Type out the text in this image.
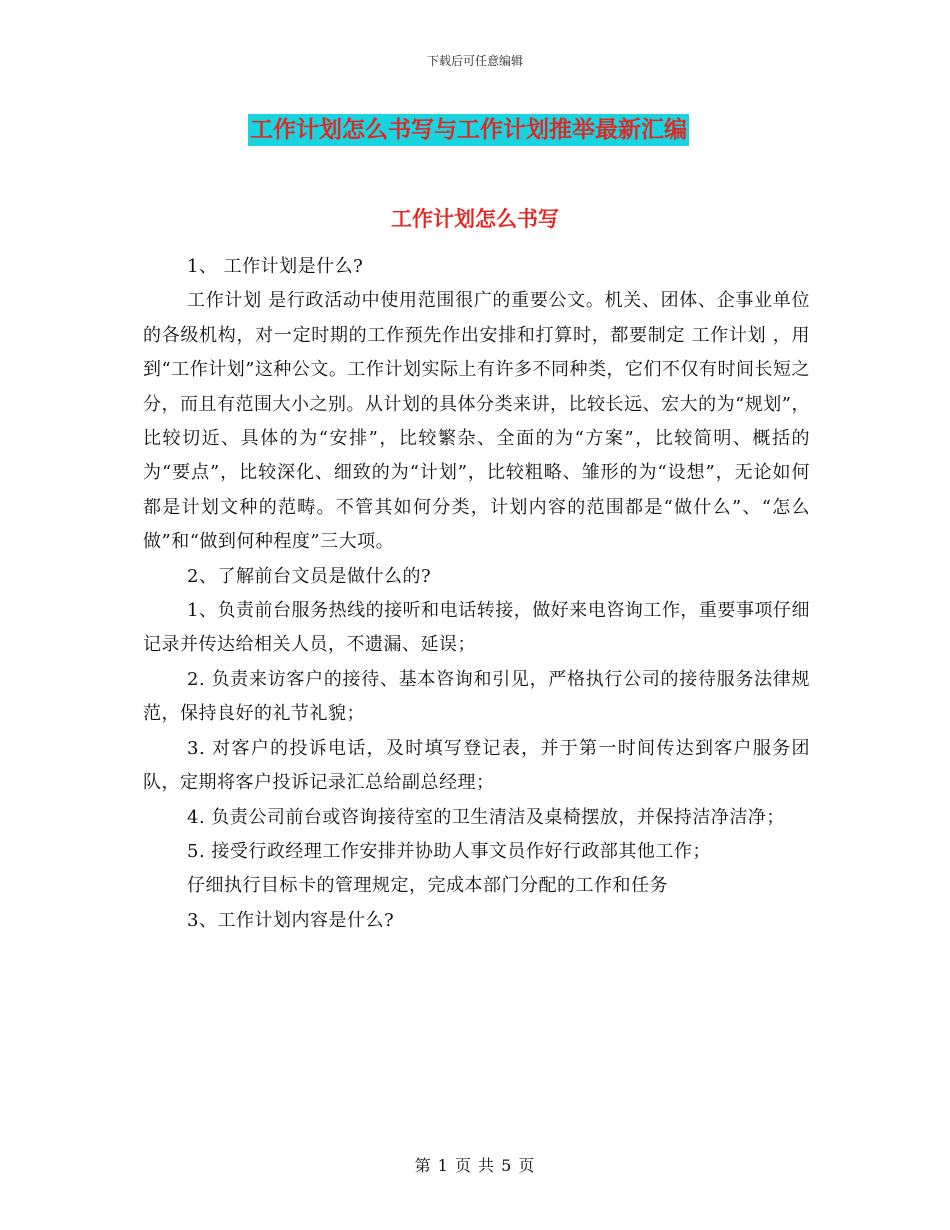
下载后可任意编辑
工作计划怎么书写与工作计划推举最新汇编
工作计划怎么书写

1、 工作计划是什么?

工作计划 是行政活动中使用范围很广的重要公文。机关、团体、企事业单位的各级机构，对一定时期的工作预先作出安排和打算时，都要制定 工作计划 ，用到“工作计划”这种公文。工作计划实际上有许多不同种类，它们不仅有时间长短之分，而且有范围大小之别。从计划的具体分类来讲，比较长远、宏大的为“规划”，比较切近、具体的为“安排”，比较繁杂、全面的为“方案”，比较简明、概括的为“要点”，比较深化、细致的为“计划”，比较粗略、雏形的为“设想”，无论如何都是计划文种的范畴。不管其如何分类，计划内容的范围都是“做什么”、“怎么做”和“做到何种程度”三大项。

2、了解前台文员是做什么的?

1、负责前台服务热线的接听和电话转接，做好来电咨询工作，重要事项仔细记录并传达给相关人员，不遗漏、延误；

2. 负责来访客户的接待、基本咨询和引见，严格执行公司的接待服务法律规范，保持良好的礼节礼貌；

3. 对客户的投诉电话，及时填写登记表，并于第一时间传达到客户服务团队，定期将客户投诉记录汇总给副总经理；

4. 负责公司前台或咨询接待室的卫生清洁及桌椅摆放，并保持洁净洁净；

5. 接受行政经理工作安排并协助人事文员作好行政部其他工作；

仔细执行目标卡的管理规定，完成本部门分配的工作和任务

3、工作计划内容是什么?

第 1 页 共 5 页
